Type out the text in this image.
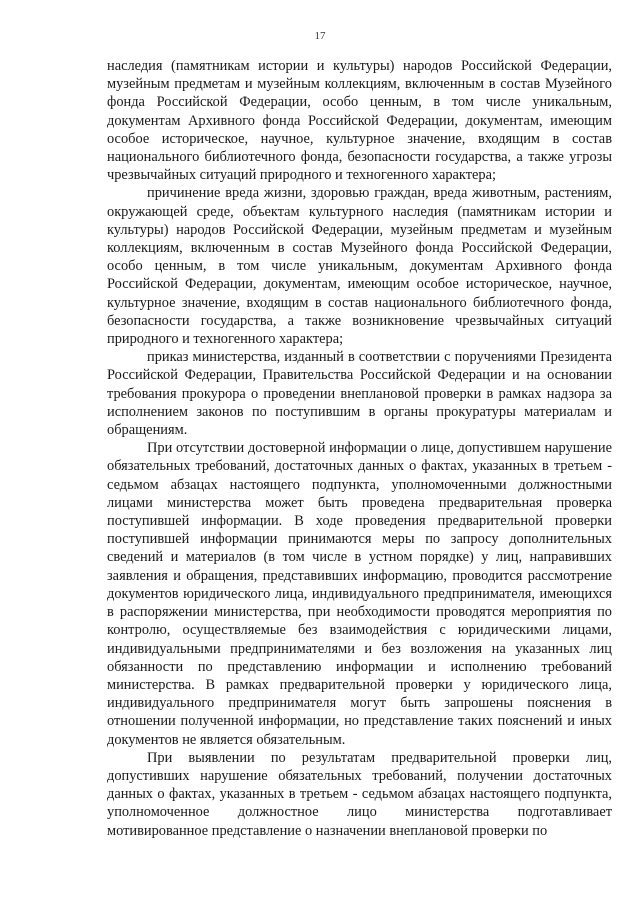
17

наследия (памятникам истории и культуры) народов Российской Федерации, музейным предметам и музейным коллекциям, включенным в состав Музейного фонда Российской Федерации, особо ценным, в том числе уникальным, документам Архивного фонда Российской Федерации, документам, имеющим особое историческое, научное, культурное значение, входящим в состав национального библиотечного фонда, безопасности государства, а также угрозы чрезвычайных ситуаций природного и техногенного характера;

причинение вреда жизни, здоровью граждан, вреда животным, растениям, окружающей среде, объектам культурного наследия (памятникам истории и культуры) народов Российской Федерации, музейным предметам и музейным коллекциям, включенным в состав Музейного фонда Российской Федерации, особо ценным, в том числе уникальным, документам Архивного фонда Российской Федерации, документам, имеющим особое историческое, научное, культурное значение, входящим в состав национального библиотечного фонда, безопасности государства, а также возникновение чрезвычайных ситуаций природного и техногенного характера;

приказ министерства, изданный в соответствии с поручениями Президента Российской Федерации, Правительства Российской Федерации и на основании требования прокурора о проведении внеплановой проверки в рамках надзора за исполнением законов по поступившим в органы прокуратуры материалам и обращениям.

При отсутствии достоверной информации о лице, допустившем нарушение обязательных требований, достаточных данных о фактах, указанных в третьем - седьмом абзацах настоящего подпункта, уполномоченными должностными лицами министерства может быть проведена предварительная проверка поступившей информации. В ходе проведения предварительной проверки поступившей информации принимаются меры по запросу дополнительных сведений и материалов (в том числе в устном порядке) у лиц, направивших заявления и обращения, представивших информацию, проводится рассмотрение документов юридического лица, индивидуального предпринимателя, имеющихся в распоряжении министерства, при необходимости проводятся мероприятия по контролю, осуществляемые без взаимодействия с юридическими лицами, индивидуальными предпринимателями и без возложения на указанных лиц обязанности по представлению информации и исполнению требований министерства. В рамках предварительной проверки у юридического лица, индивидуального предпринимателя могут быть запрошены пояснения в отношении полученной информации, но представление таких пояснений и иных документов не является обязательным.

При выявлении по результатам предварительной проверки лиц, допустивших нарушение обязательных требований, получении достаточных данных о фактах, указанных в третьем - седьмом абзацах настоящего подпункта, уполномоченное должностное лицо министерства подготавливает мотивированное представление о назначении внеплановой проверки по
